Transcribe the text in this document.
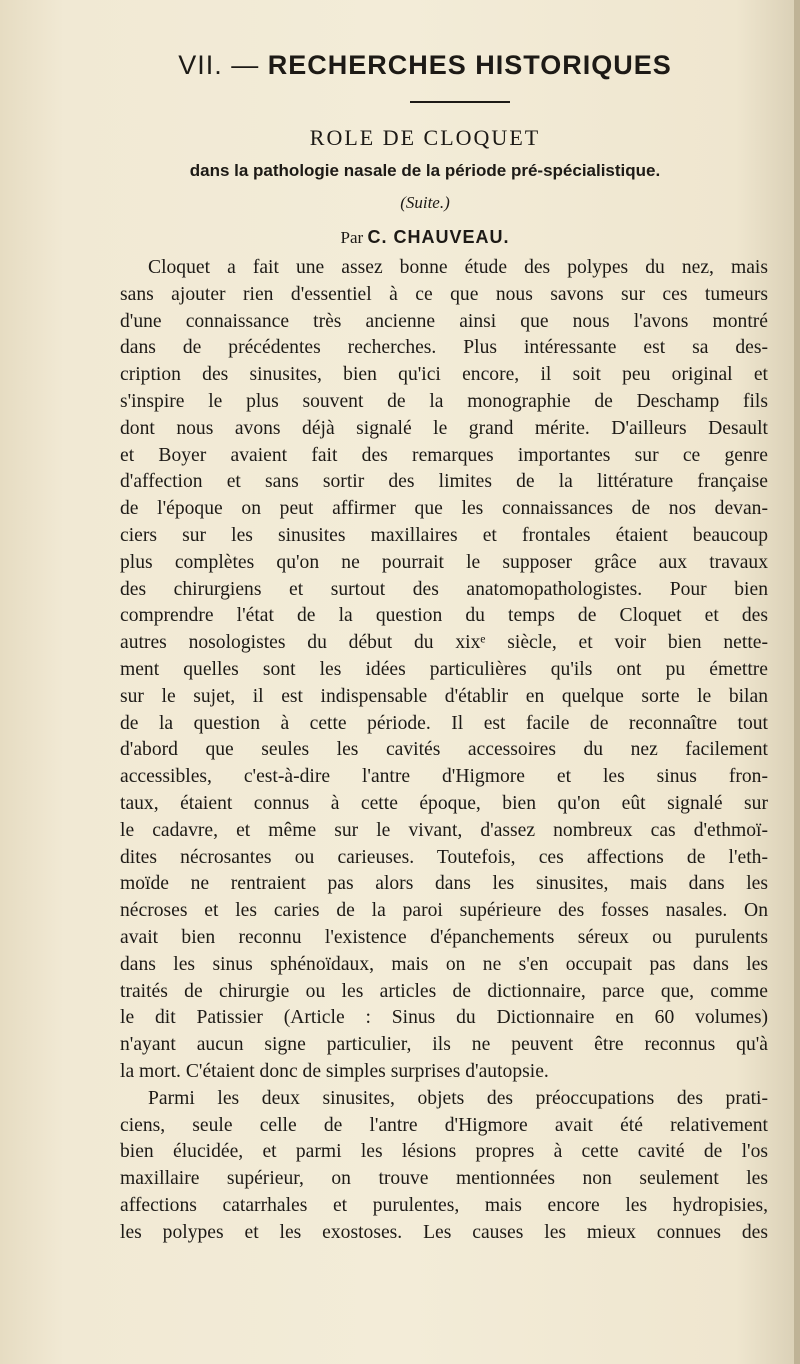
VII. — RECHERCHES HISTORIQUES
ROLE DE CLOQUET
dans la pathologie nasale de la période pré-spécialistique.
(Suite.)
Par C. CHAUVEAU.
Cloquet a fait une assez bonne étude des polypes du nez, mais
sans ajouter rien d'essentiel à ce que nous savons sur ces tumeurs
d'une connaissance très ancienne ainsi que nous l'avons montré
dans de précédentes recherches. Plus intéressante est sa des-
cription des sinusites, bien qu'ici encore, il soit peu original et
s'inspire le plus souvent de la monographie de Deschamp fils
dont nous avons déjà signalé le grand mérite. D'ailleurs Desault
et Boyer avaient fait des remarques importantes sur ce genre
d'affection et sans sortir des limites de la littérature française
de l'époque on peut affirmer que les connaissances de nos devan-
ciers sur les sinusites maxillaires et frontales étaient beaucoup
plus complètes qu'on ne pourrait le supposer grâce aux travaux
des chirurgiens et surtout des anatomopathologistes. Pour bien
comprendre l'état de la question du temps de Cloquet et des
autres nosologistes du début du xixᵉ siècle, et voir bien nette-
ment quelles sont les idées particulières qu'ils ont pu émettre
sur le sujet, il est indispensable d'établir en quelque sorte le bilan
de la question à cette période. Il est facile de reconnaître tout
d'abord que seules les cavités accessoires du nez facilement
accessibles, c'est-à-dire l'antre d'Higmore et les sinus fron-
taux, étaient connus à cette époque, bien qu'on eût signalé sur
le cadavre, et même sur le vivant, d'assez nombreux cas d'ethmoï-
dites nécrosantes ou carieuses. Toutefois, ces affections de l'eth-
moïde ne rentraient pas alors dans les sinusites, mais dans les
nécroses et les caries de la paroi supérieure des fosses nasales. On
avait bien reconnu l'existence d'épanchements séreux ou purulents
dans les sinus sphénoïdaux, mais on ne s'en occupait pas dans les
traités de chirurgie ou les articles de dictionnaire, parce que, comme
le dit Patissier (Article : Sinus du Dictionnaire en 60 volumes)
n'ayant aucun signe particulier, ils ne peuvent être reconnus qu'à
la mort. C'étaient donc de simples surprises d'autopsie.
Parmi les deux sinusites, objets des préoccupations des prati-
ciens, seule celle de l'antre d'Higmore avait été relativement
bien élucidée, et parmi les lésions propres à cette cavité de l'os
maxillaire supérieur, on trouve mentionnées non seulement les
affections catarrhales et purulentes, mais encore les hydropisies,
les polypes et les exostoses. Les causes les mieux connues des
